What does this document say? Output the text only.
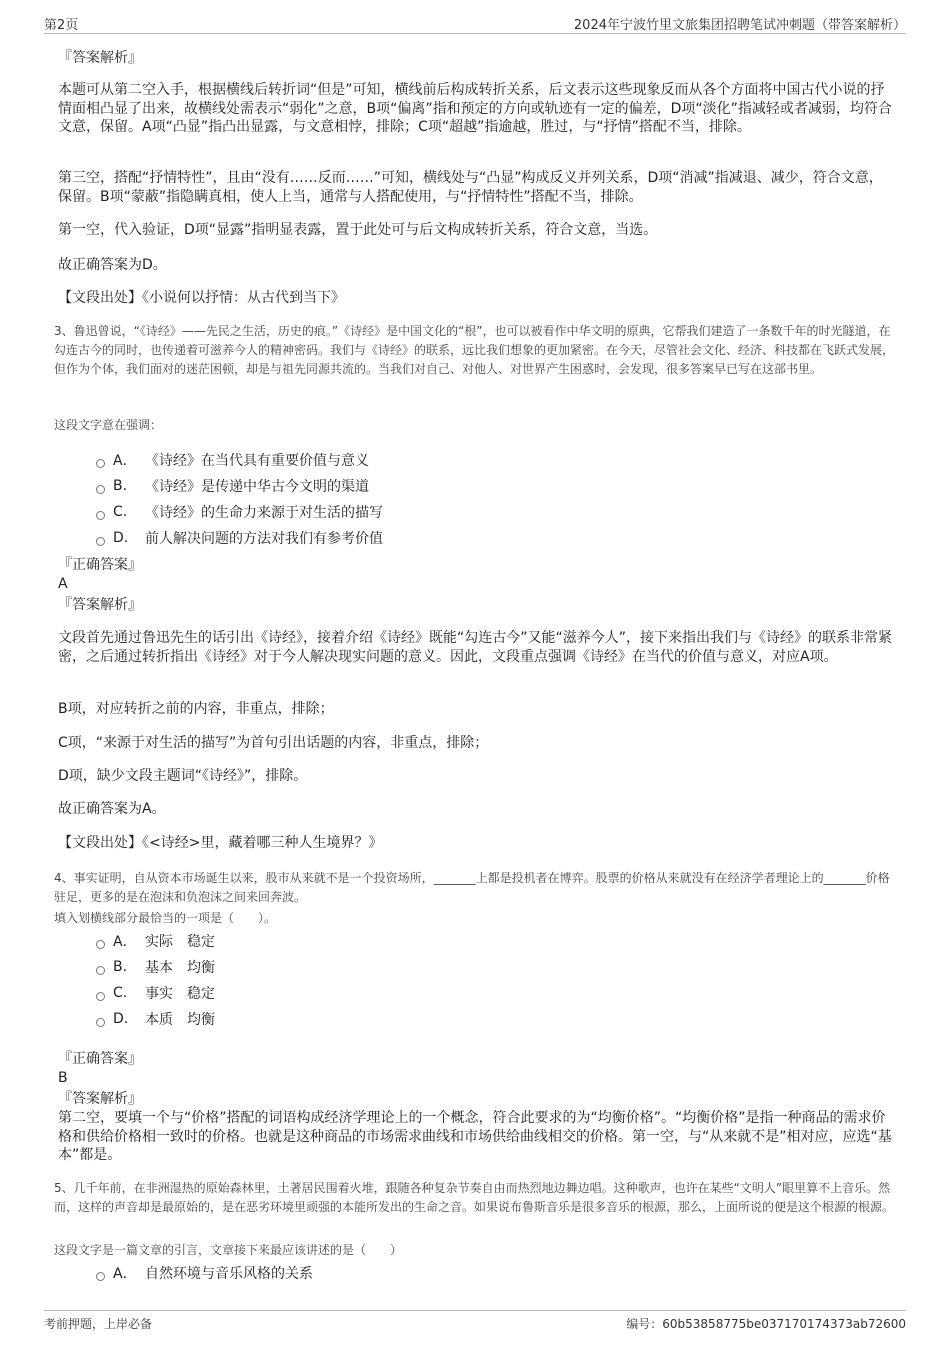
第2页	2024年宁波竹里文旅集团招聘笔试冲刺题（带答案解析）
『答案解析』

本题可从第二空入手，根据横线后转折词“但是”可知，横线前后构成转折关系，后文表示这些现象反而从各个方面将中国古代小说的抒情面相凸显了出来，故横线处需表示“弱化”之意，B项“偏离”指和预定的方向或轨迹有一定的偏差，D项“淡化”指减轻或者减弱，均符合文意，保留。A项“凸显”指凸出显露，与文意相悖，排除；C项“超越”指逾越，胜过，与“抒情”搭配不当，排除。

第三空，搭配“抒情特性”，且由“没有……反而……”可知，横线处与“凸显”构成反义并列关系，D项“消减”指减退、减少，符合文意，保留。B项“蒙蔽”指隐瞒真相，使人上当，通常与人搭配使用，与“抒情特性”搭配不当，排除。

第一空，代入验证，D项“显露”指明显表露，置于此处可与后文构成转折关系，符合文意，当选。

故正确答案为D。

【文段出处】《小说何以抒情：从古代到当下》

3、鲁迅曾说，“《诗经》——先民之生活，历史的痕。”《诗经》是中国文化的“根”，也可以被看作中华文明的原典，它帮我们建造了一条数千年的时光隧道，在勾连古今的同时，也传递着可滋养今人的精神密码。我们与《诗经》的联系，远比我们想象的更加紧密。在今天，尽管社会文化、经济、科技都在飞跃式发展，但作为个体，我们面对的迷茫困顿，却是与祖先同源共流的。当我们对自己、对他人、对世界产生困惑时，会发现，很多答案早已写在这部书里。

这段文字意在强调：
A． 《诗经》在当代具有重要价值与意义
B.	《诗经》是传递中华古今文明的渠道
C.	《诗经》的生命力来源于对生活的描写
D.	前人解决问题的方法对我们有参考价值
『正确答案』
A
『答案解析』

文段首先通过鲁迅先生的话引出《诗经》，接着介绍《诗经》既能“勾连古今”又能“滋养今人”，接下来指出我们与《诗经》的联系非常紧密，之后通过转折指出《诗经》对于今人解决现实问题的意义。因此，文段重点强调《诗经》在当代的价值与意义，对应A项。

B项，对应转折之前的内容，非重点，排除；

C项，“来源于对生活的描写”为首句引出话题的内容，非重点，排除；

D项，缺少文段主题词“《诗经》”，排除。

故正确答案为A。

【文段出处】《<诗经>里，藏着哪三种人生境界？》

4、事实证明，自从资本市场诞生以来，股市从来就不是一个投资场所，_______上都是投机者在博弈。股票的价格从来就没有在经济学者理论上的_______价格驻足，更多的是在泡沫和负泡沫之间来回奔波。

填入划横线部分最恰当的一项是（　　）。
A． 实际	稳定
B.	基本	均衡
C.	事实	稳定
D.	本质	均衡
『正确答案』
B
『答案解析』

第二空，要填一个与“价格”搭配的词语构成经济学理论上的一个概念，符合此要求的为“均衡价格”。“均衡价格”是指一种商品的需求价格和供给价格相一致时的价格。也就是这种商品的市场需求曲线和市场供给曲线相交的价格。第一空，与“从来就不是”相对应，应选“基本”都是。

5、几千年前，在非洲湿热的原始森林里，土著居民围着火堆，跟随各种复杂节奏自由而热烈地边舞边唱。这种歌声，也许在某些“文明人”眼里算不上音乐。然而，这样的声音却是最原始的，是在恶劣环境里顽强的本能所发出的生命之音。如果说布鲁斯音乐是很多音乐的根源，那么，上面所说的便是这个根源的根源。

这段文字是一篇文章的引言，文章接下来最应该讲述的是（　　）
A． 自然环境与音乐风格的关系
考前押题，上岸必备	编号：60b53858775be037170174373ab72600
